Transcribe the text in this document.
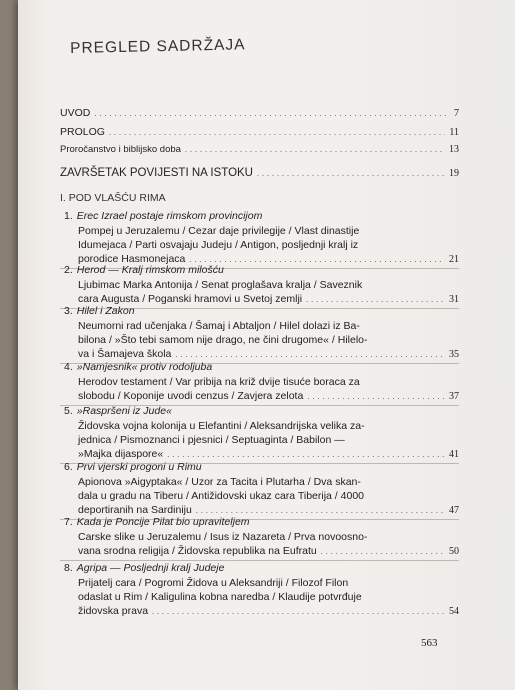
PREGLED SADRŽAJA
UVOD . . .	7
PROLOG . . .	11
Proročanstvo i biblijsko doba . . .	13
ZAVRŠETAK POVIJESTI NA ISTOKU . . .	19
I. POD VLAŠĆU RIMA
1. Erec Izrael postaje rimskom provincijom
Pompej u Jeruzalemu / Cezar daje privilegije / Vlast dinastije
Idumejaca / Parti osvajaju Judeju / Antigon, posljednji kralj iz
porodice Hasmonejaca . . .	21
2. Herod — Kralj rimskom milošću
Ljubimac Marka Antonija / Senat proglašava kralja / Saveznik
cara Augusta / Poganski hramovi u Svetoj zemlji . . .	31
3. Hilel i Zakon
Neumorni rad učenjaka / Šamaj i Abtaljon / Hilel dolazi iz Ba-
bilona / »Što tebi samom nije drago, ne čini drugome« / Hilelo-
va i Šamajeva škola . . .	35
4. »Namjesnik« protiv rodoljuba
Herodov testament / Var pribija na križ dvije tisuće boraca za
slobodu / Koponije uvodi cenzus / Zavjera zelota . . .	37
5. »Raspršeni iz Jude«
Židovska vojna kolonija u Elefantini / Aleksandrijska velika za-
jednica / Pismoznanci i pjesnici / Septuaginta / Babilon —
»Majka dijaspore« . . .	41
6. Prvi vjerski progoni u Rimu
Apionova »Aigyptaka« / Uzor za Tacita i Plutarha / Dva skan-
dala u gradu na Tiberu / Antižidovski ukaz cara Tiberija / 4000
deportiranih na Sardiniju . . .	47
7. Kada je Poncije Pilat bio upraviteljem
Carske slike u Jeruzalemu / Isus iz Nazareta / Prva novoosno-
vana srodna religija / Židovska republika na Eufratu . . .	50
8. Agripa — Posljednji kralj Judeje
Prijatelj cara / Pogromi Židova u Aleksandriji / Filozof Filon
odaslat u Rim / Kaligulina kobna naredba / Klaudije potvrđuje
židovska prava . . .	54
563
